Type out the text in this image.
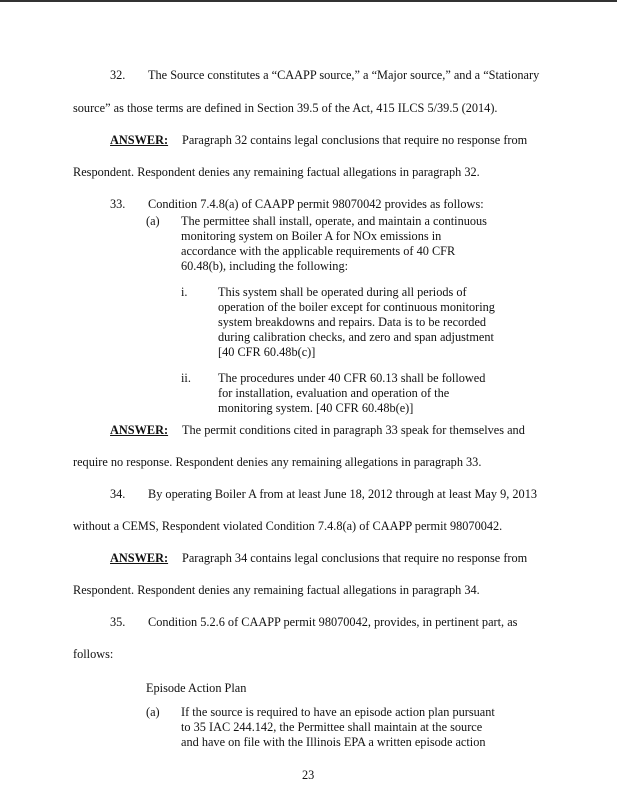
32. The Source constitutes a “CAAPP source,” a “Major source,” and a “Stationary
source” as those terms are defined in Section 39.5 of the Act, 415 ILCS 5/39.5 (2014).
ANSWER: Paragraph 32 contains legal conclusions that require no response from
Respondent. Respondent denies any remaining factual allegations in paragraph 32.
33. Condition 7.4.8(a) of CAAPP permit 98070042 provides as follows:
(a) The permittee shall install, operate, and maintain a continuous
monitoring system on Boiler A for NOx emissions in
accordance with the applicable requirements of 40 CFR
60.48(b), including the following:
i. This system shall be operated during all periods of
operation of the boiler except for continuous monitoring
system breakdowns and repairs. Data is to be recorded
during calibration checks, and zero and span adjustment
[40 CFR 60.48b(c)]
ii. The procedures under 40 CFR 60.13 shall be followed
for installation, evaluation and operation of the
monitoring system. [40 CFR 60.48b(e)]
ANSWER: The permit conditions cited in paragraph 33 speak for themselves and
require no response. Respondent denies any remaining allegations in paragraph 33.
34. By operating Boiler A from at least June 18, 2012 through at least May 9, 2013
without a CEMS, Respondent violated Condition 7.4.8(a) of CAAPP permit 98070042.
ANSWER: Paragraph 34 contains legal conclusions that require no response from
Respondent. Respondent denies any remaining factual allegations in paragraph 34.
35. Condition 5.2.6 of CAAPP permit 98070042, provides, in pertinent part, as
follows:
Episode Action Plan
(a) If the source is required to have an episode action plan pursuant
to 35 IAC 244.142, the Permittee shall maintain at the source
and have on file with the Illinois EPA a written episode action
23
